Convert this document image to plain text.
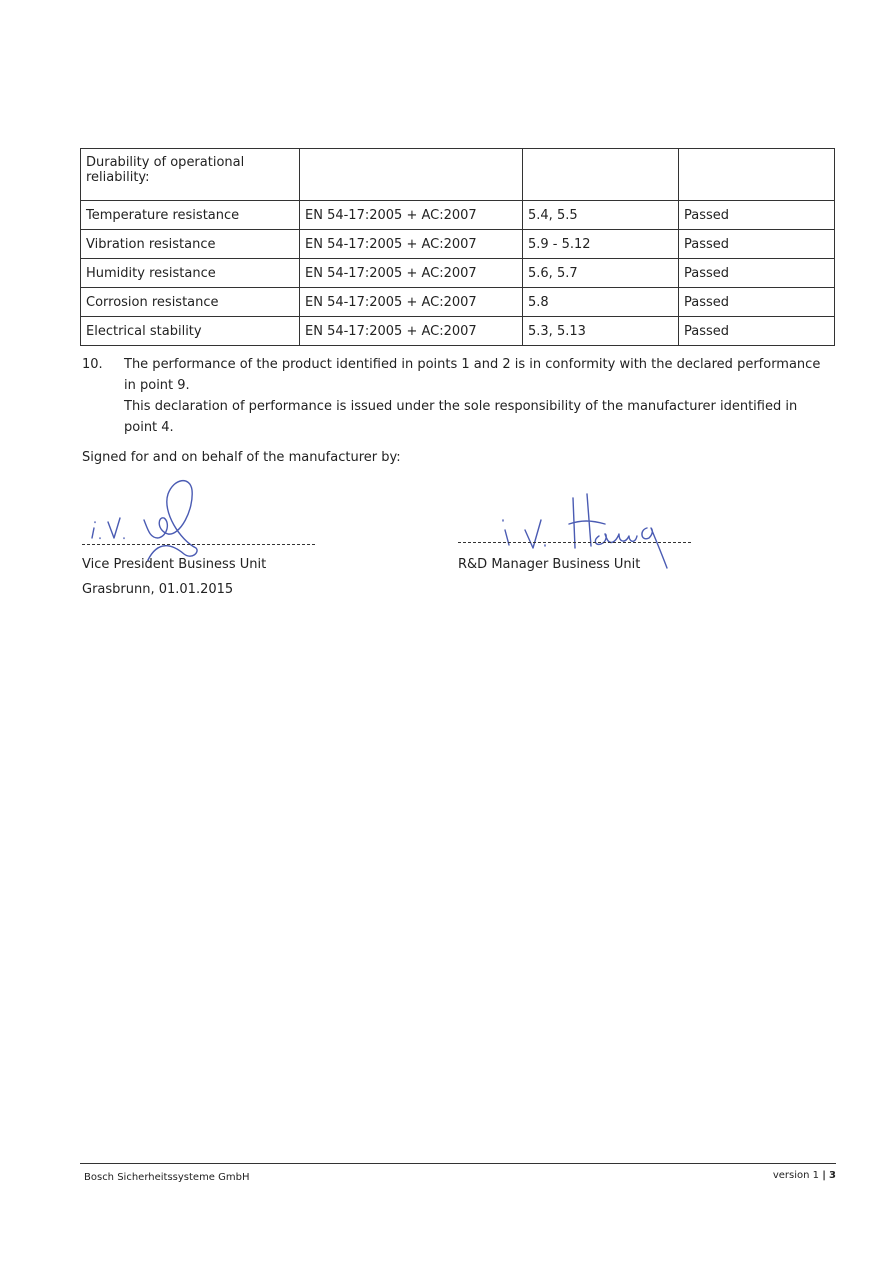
Durability of operational reliability:			
Temperature resistance	EN 54-17:2005 + AC:2007	5.4, 5.5	Passed
Vibration resistance	EN 54-17:2005 + AC:2007	5.9 - 5.12	Passed
Humidity resistance	EN 54-17:2005 + AC:2007	5.6, 5.7	Passed
Corrosion resistance	EN 54-17:2005 + AC:2007	5.8	Passed
Electrical stability	EN 54-17:2005 + AC:2007	5.3, 5.13	Passed
10. The performance of the product identified in points 1 and 2 is in conformity with the declared performance in point 9.
This declaration of performance is issued under the sole responsibility of the manufacturer identified in point 4.
Signed for and on behalf of the manufacturer by:
Vice President Business Unit
Grasbrunn, 01.01.2015
R&D Manager Business Unit
Bosch Sicherheitssysteme GmbH	version 1 | 3
